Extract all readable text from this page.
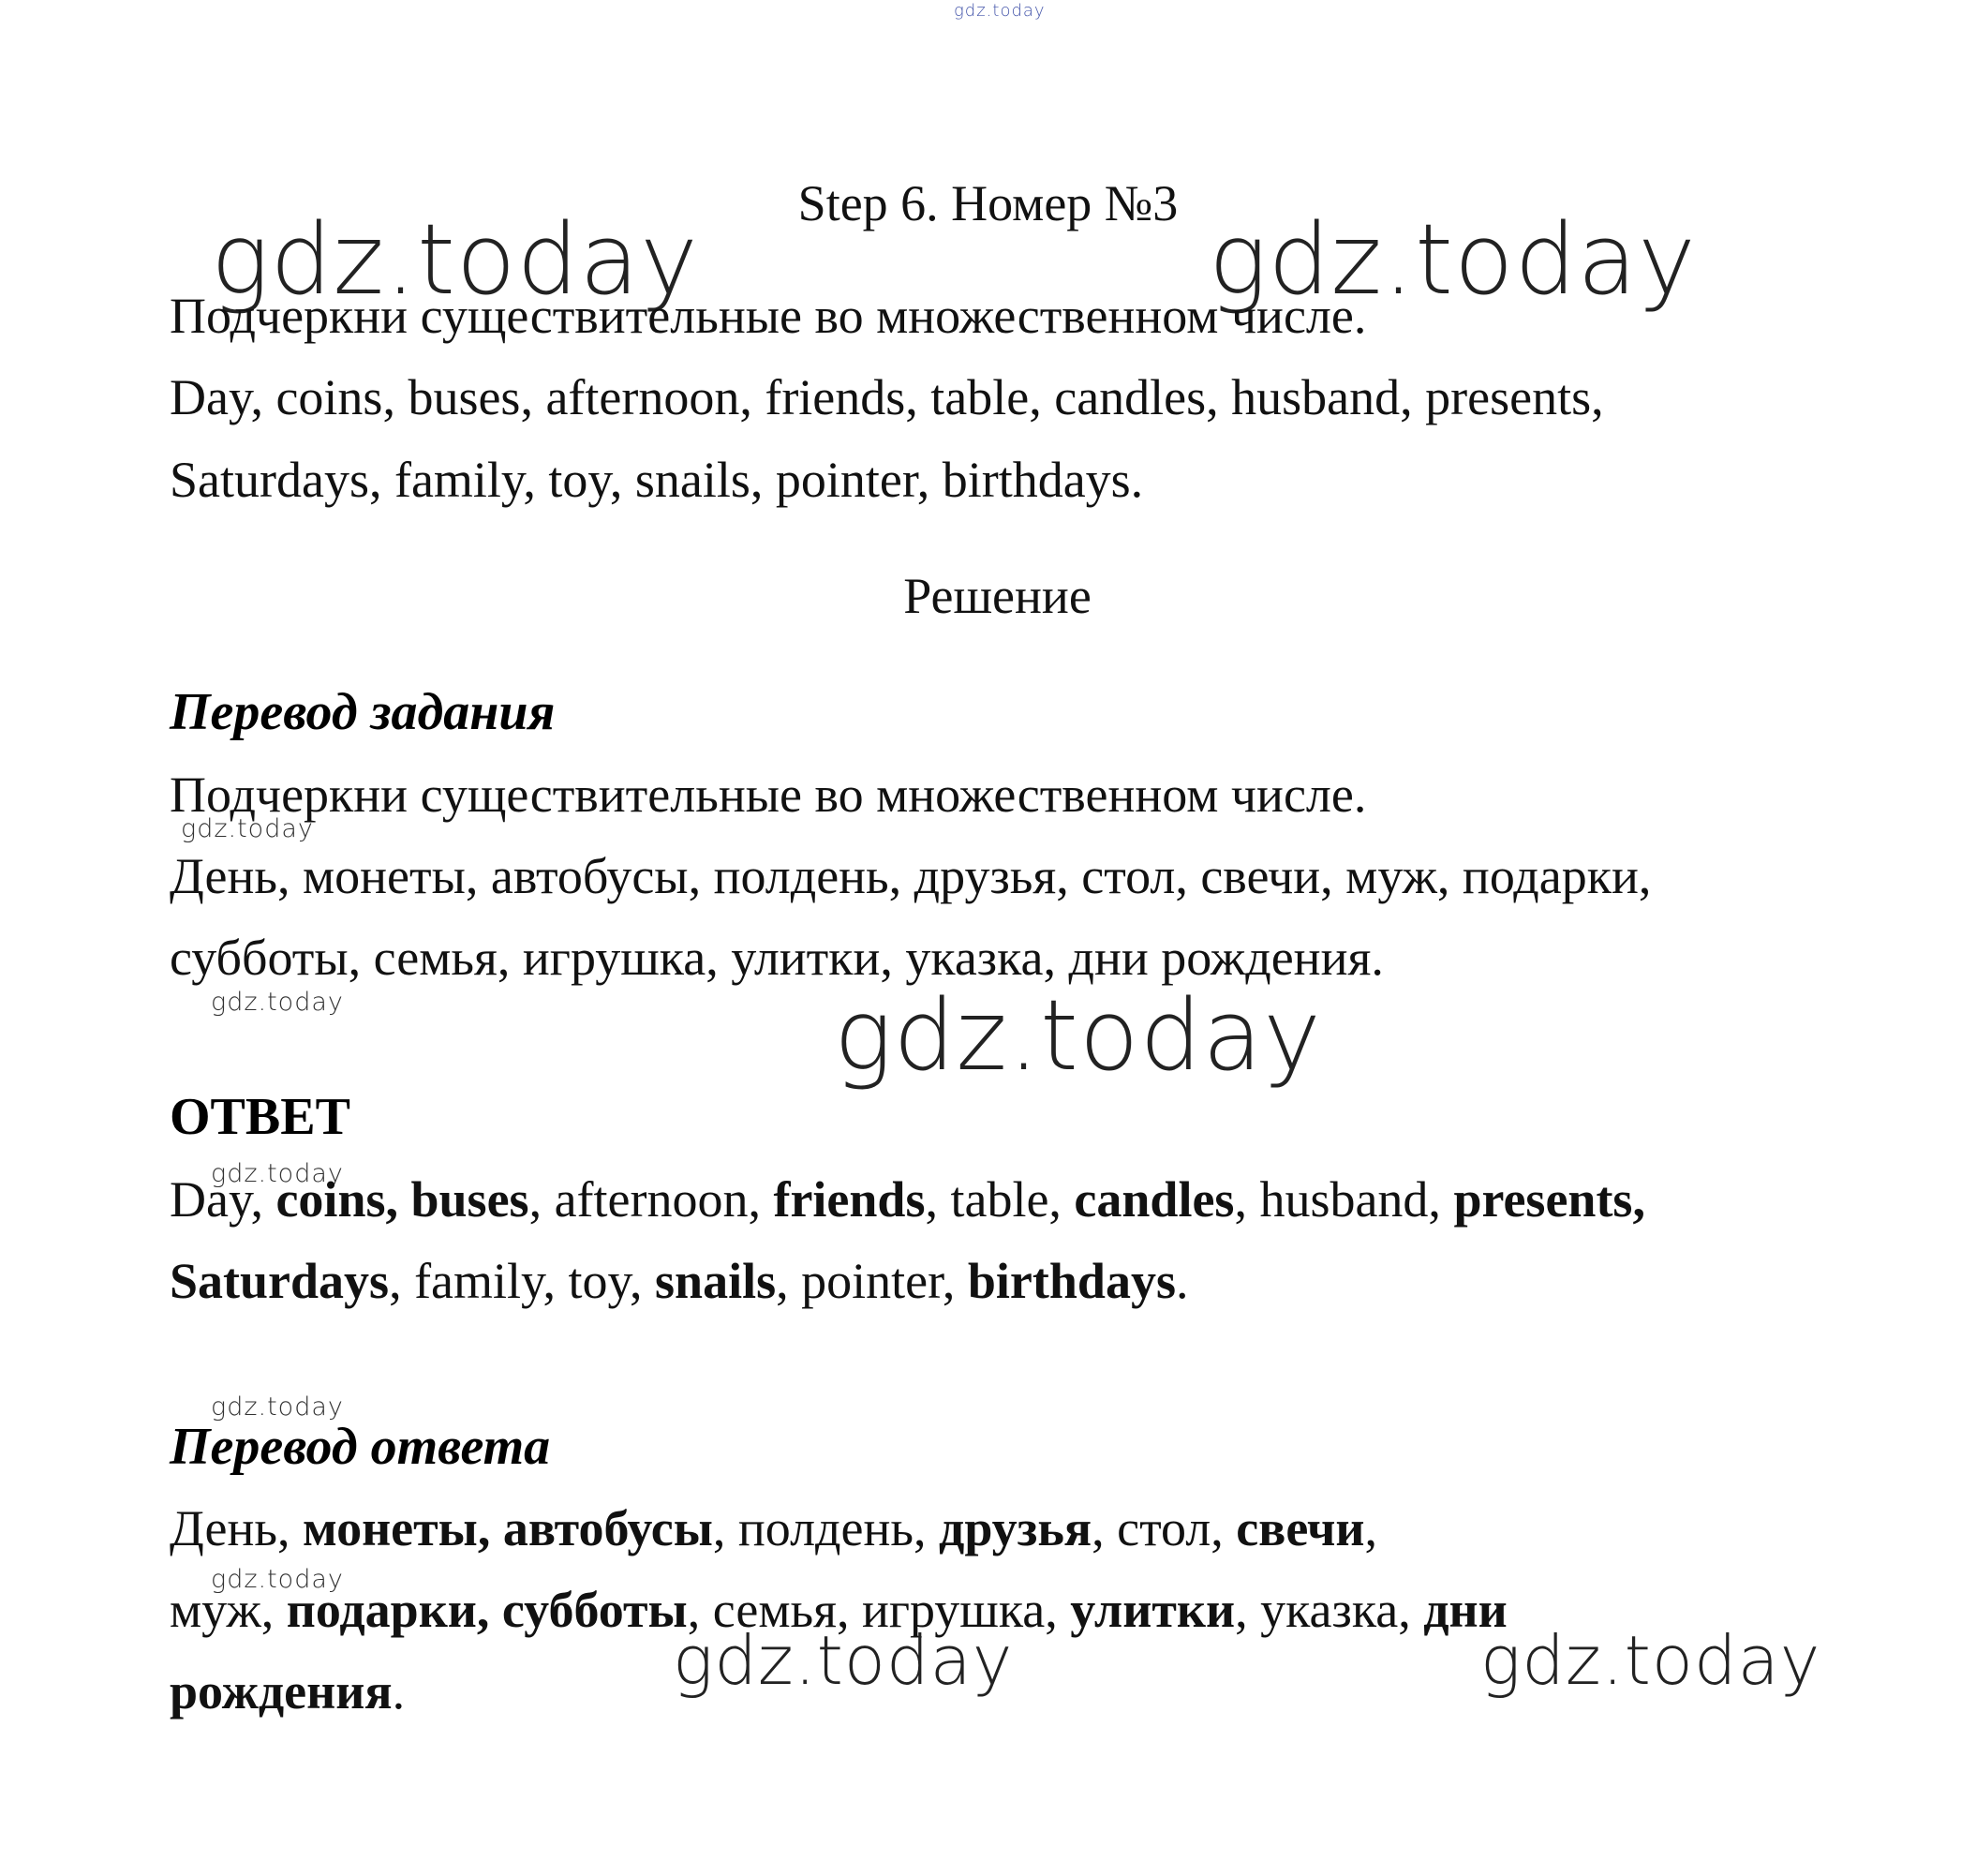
gdz.today
Step 6. Номер №3
gdz.today	gdz.today
Подчеркни существительные во множественном числе.
Day, coins, buses, afternoon, friends, table, candles, husband, presents,
Saturdays, family, toy, snails, pointer, birthdays.
Решение
Перевод задания
Подчеркни существительные во множественном числе.
gdz.today
День, монеты, автобусы, полдень, друзья, стол, свечи, муж, подарки,
субботы, семья, игрушка, улитки, указка, дни рождения.
gdz.today	gdz.today
ОТВЕТ
gdz.today
Day, coins, buses, afternoon, friends, table, candles, husband, presents,
Saturdays, family, toy, snails, pointer, birthdays.
gdz.today
Перевод ответа
День, монеты, автобусы, полдень, друзья, стол, свечи,
gdz.today
муж, подарки, субботы, семья, игрушка, улитки, указка, дни
рождения.	gdz.today	gdz.today
